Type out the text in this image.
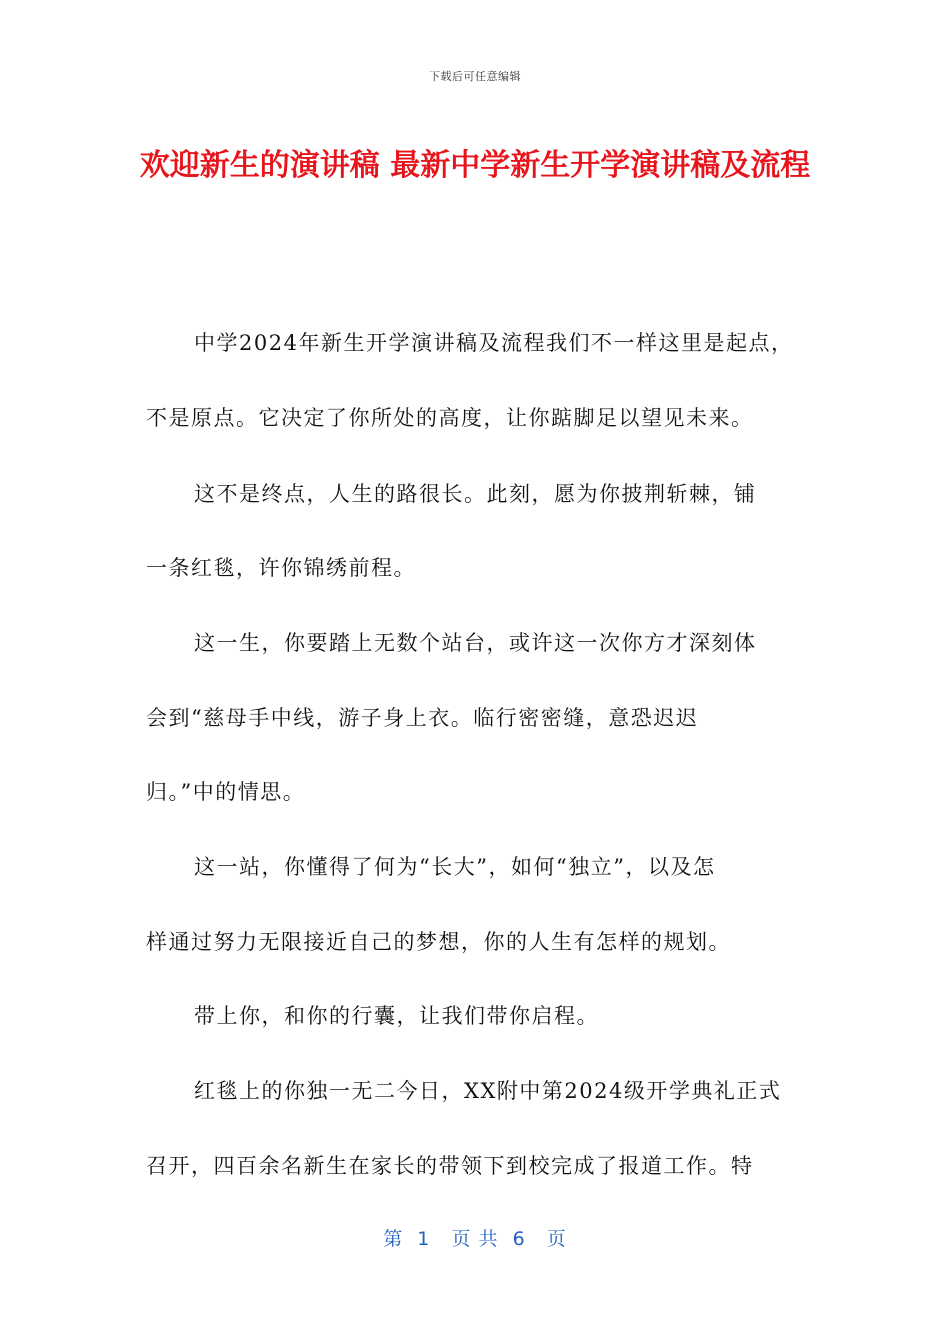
下载后可任意编辑
欢迎新生的演讲稿 最新中学新生开学演讲稿及流程
中学2024年新生开学演讲稿及流程我们不一样这里是起点，
不是原点。它决定了你所处的高度，让你踮脚足以望见未来。
这不是终点，人生的路很长。此刻，愿为你披荆斩棘，铺
一条红毯，许你锦绣前程。
这一生，你要踏上无数个站台，或许这一次你方才深刻体
会到“慈母手中线，游子身上衣。临行密密缝，意恐迟迟
归。”中的情思。
这一站，你懂得了何为“长大”，如何“独立”，以及怎
样通过努力无限接近自己的梦想，你的人生有怎样的规划。
带上你，和你的行囊，让我们带你启程。
红毯上的你独一无二今日，XX附中第2024级开学典礼正式
召开，四百余名新生在家长的带领下到校完成了报道工作。特
第  1   页 共  6   页
